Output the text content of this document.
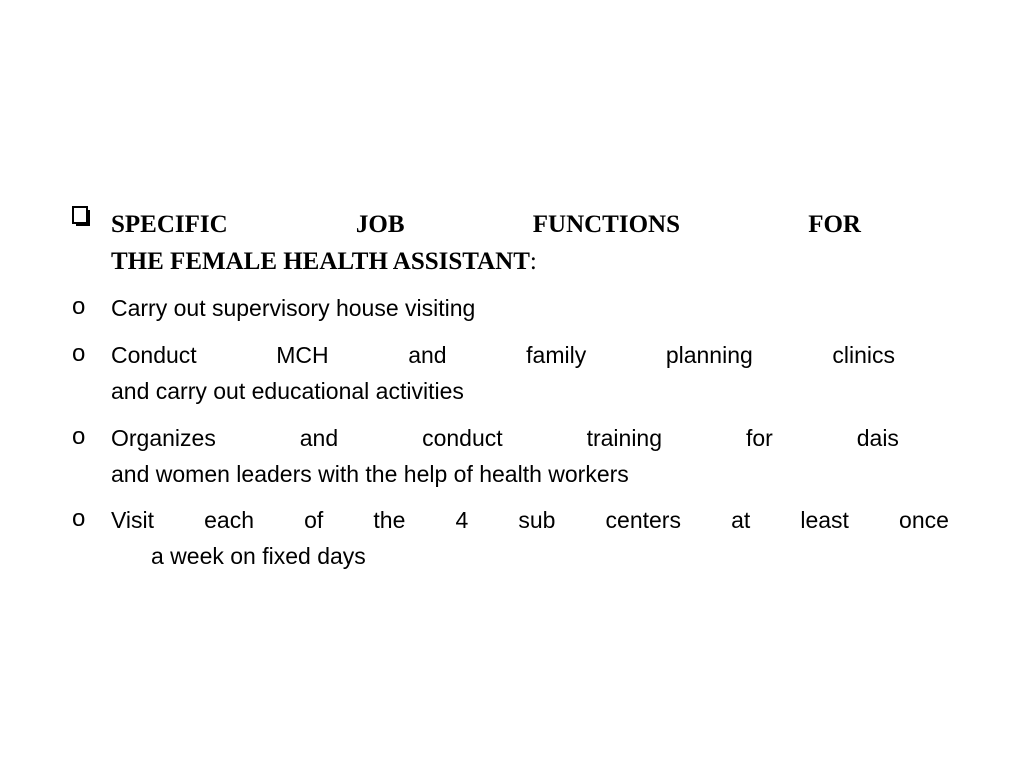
SPECIFIC	JOB	FUNCTIONS	FOR
THE FEMALE HEALTH ASSISTANT:
o Carry out supervisory house visiting
o Conduct	MCH	and	family	planning	clinics
and carry out educational activities
o Organizes	and	conduct	training	for	dais
and women leaders with the help of health workers
o Visit each of the 4 sub centers at least once
a week on fixed days
